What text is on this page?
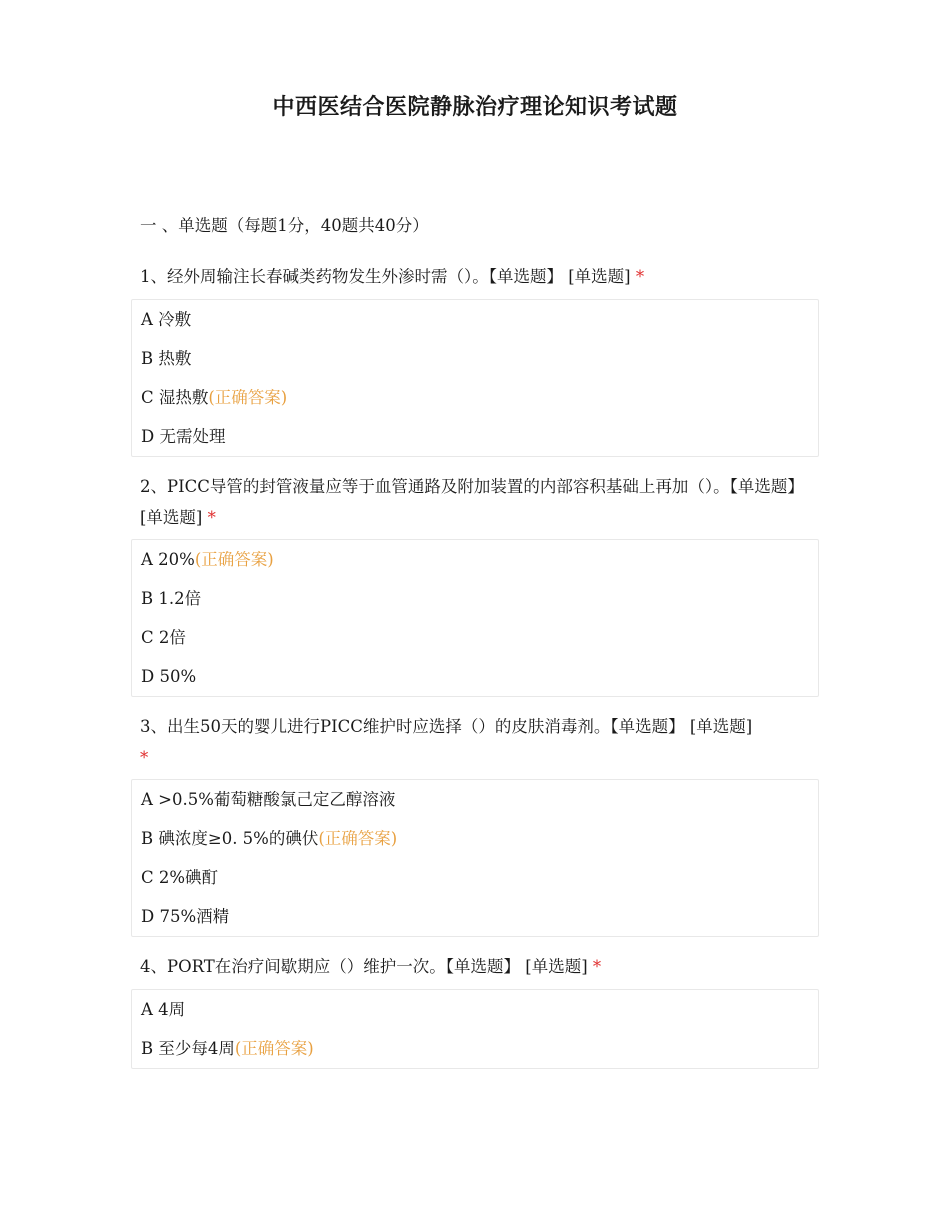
中西医结合医院静脉治疗理论知识考试题
一 、单选题（每题1分，40题共40分）
1、经外周输注长春碱类药物发生外渗时需（）。【单选题】 [单选题] *
A 冷敷
B 热敷
C 湿热敷(正确答案)
D 无需处理
2、PICC导管的封管液量应等于血管通路及附加装置的内部容积基础上再加（）。【单选题】 [单选题] *
A 20%(正确答案)
B 1.2倍
C 2倍
D 50%
3、出生50天的婴儿进行PICC维护时应选择（）的皮肤消毒剂。【单选题】 [单选题] *
A >0.5%葡萄糖酸氯己定乙醇溶液
B 碘浓度≥0. 5%的碘伏(正确答案)
C 2%碘酊
D 75%酒精
4、PORT在治疗间歇期应（）维护一次。【单选题】 [单选题] *
A 4周
B 至少每4周(正确答案)
